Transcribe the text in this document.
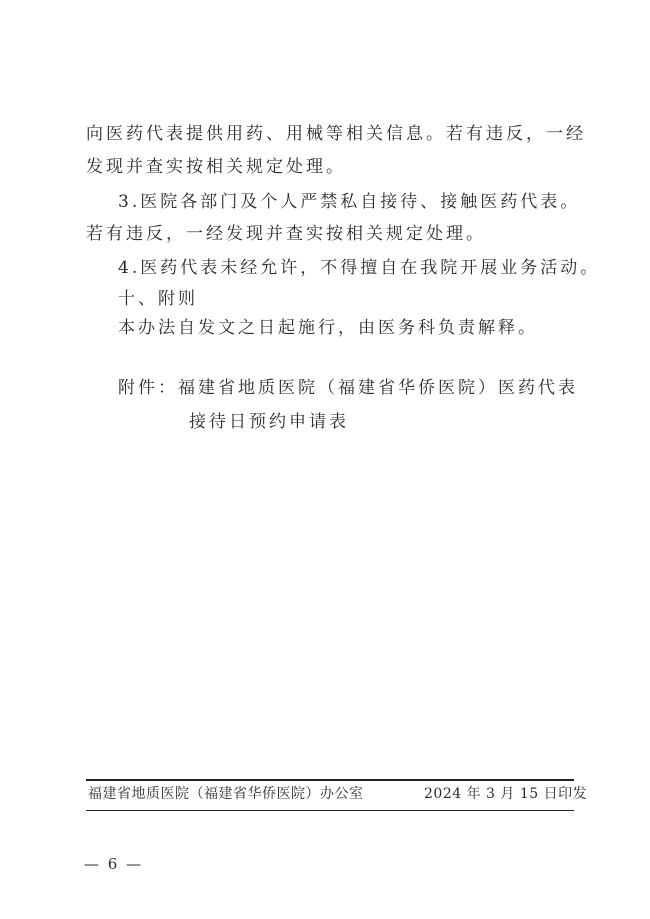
向医药代表提供用药、用械等相关信息。若有违反，一经
发现并查实按相关规定处理。
3.医院各部门及个人严禁私自接待、接触医药代表。
若有违反，一经发现并查实按相关规定处理。
4.医药代表未经允许，不得擅自在我院开展业务活动。
十、附则
本办法自发文之日起施行，由医务科负责解释。
附件：福建省地质医院（福建省华侨医院）医药代表
接待日预约申请表
福建省地质医院（福建省华侨医院）办公室	2024 年 3 月 15 日印发
— 6 —
